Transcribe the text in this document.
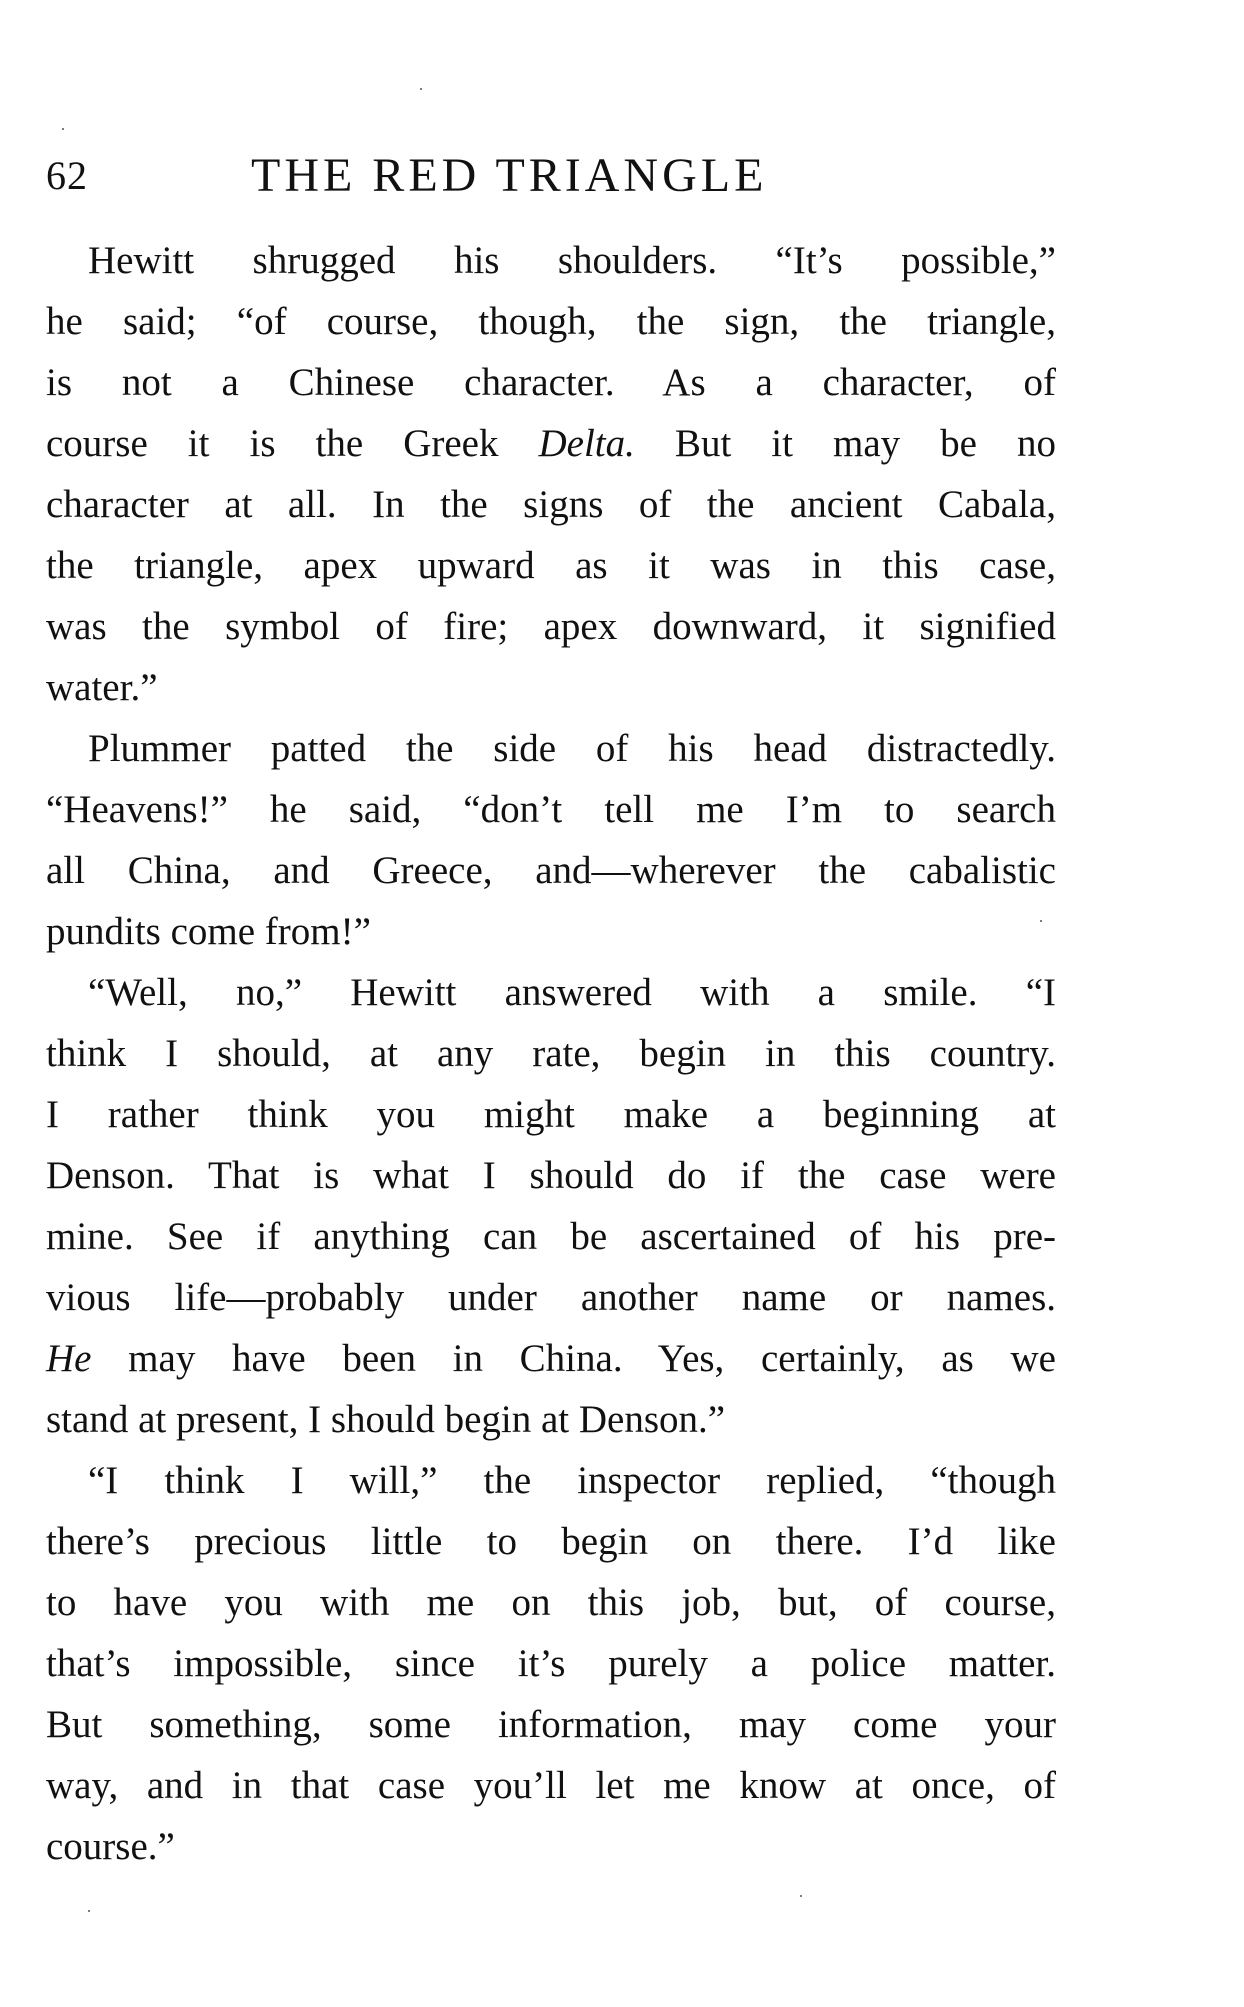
62	THE RED TRIANGLE
Hewitt shrugged his shoulders. “It’s possible,”
he said; “of course, though, the sign, the triangle,
is not a Chinese character. As a character, of
course it is the Greek Delta. But it may be no
character at all. In the signs of the ancient Cabala,
the triangle, apex upward as it was in this case,
was the symbol of fire; apex downward, it signified
water.”
Plummer patted the side of his head distractedly.
“Heavens!” he said, “don’t tell me I’m to search
all China, and Greece, and—wherever the cabalistic
pundits come from!”
“Well, no,” Hewitt answered with a smile. “I
think I should, at any rate, begin in this country.
I rather think you might make a beginning at
Denson. That is what I should do if the case were
mine. See if anything can be ascertained of his pre-
vious life—probably under another name or names.
He may have been in China. Yes, certainly, as we
stand at present, I should begin at Denson.”
“I think I will,” the inspector replied, “though
there’s precious little to begin on there. I’d like
to have you with me on this job, but, of course,
that’s impossible, since it’s purely a police matter.
But something, some information, may come your
way, and in that case you’ll let me know at once, of
course.”
